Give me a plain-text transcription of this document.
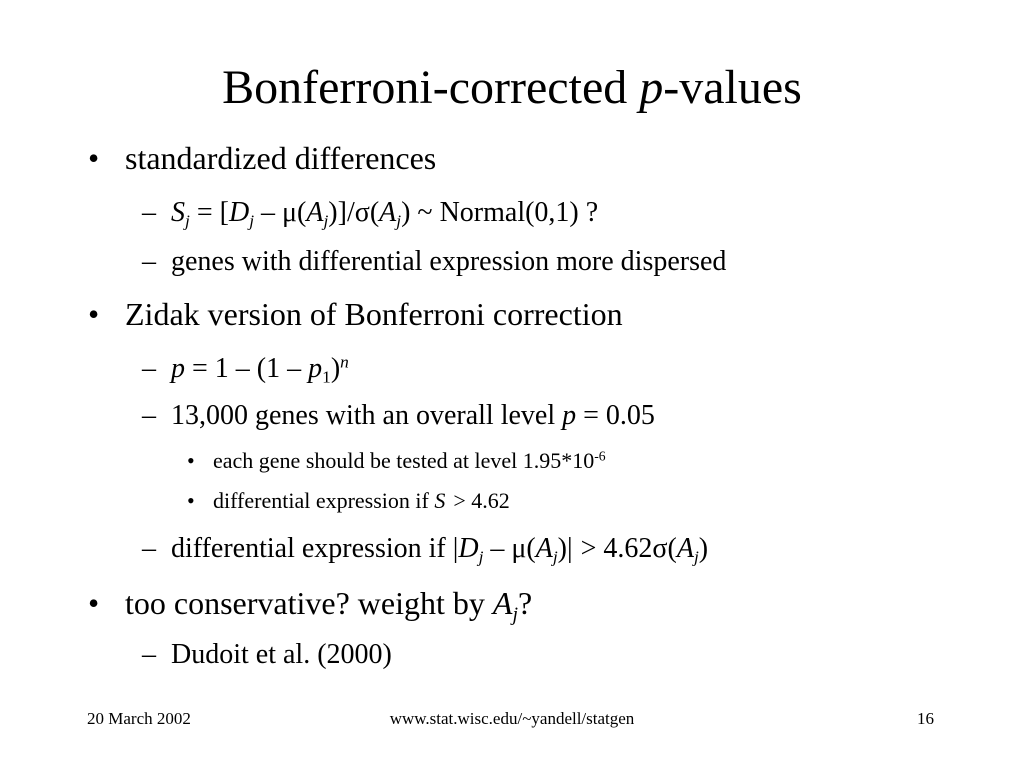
Bonferroni-corrected p-values
• standardized differences
– $S_j = [D_j - \mu(A_j)]/\sigma(A_j)$ ~ Normal(0,1) ?
– genes with differential expression more dispersed
• Zidak version of Bonferroni correction
– $p = 1 - (1 - p_1)^n$
– 13,000 genes with an overall level p = 0.05
• each gene should be tested at level $1.95*10^{-6}$
• differential expression if S > 4.62
– differential expression if $|D_j - \mu(A_j)| > 4.62\sigma(A_j)$
• too conservative? weight by $A_j$?
– Dudoit et al. (2000)
20 March 2002	www.stat.wisc.edu/~yandell/statgen	16
